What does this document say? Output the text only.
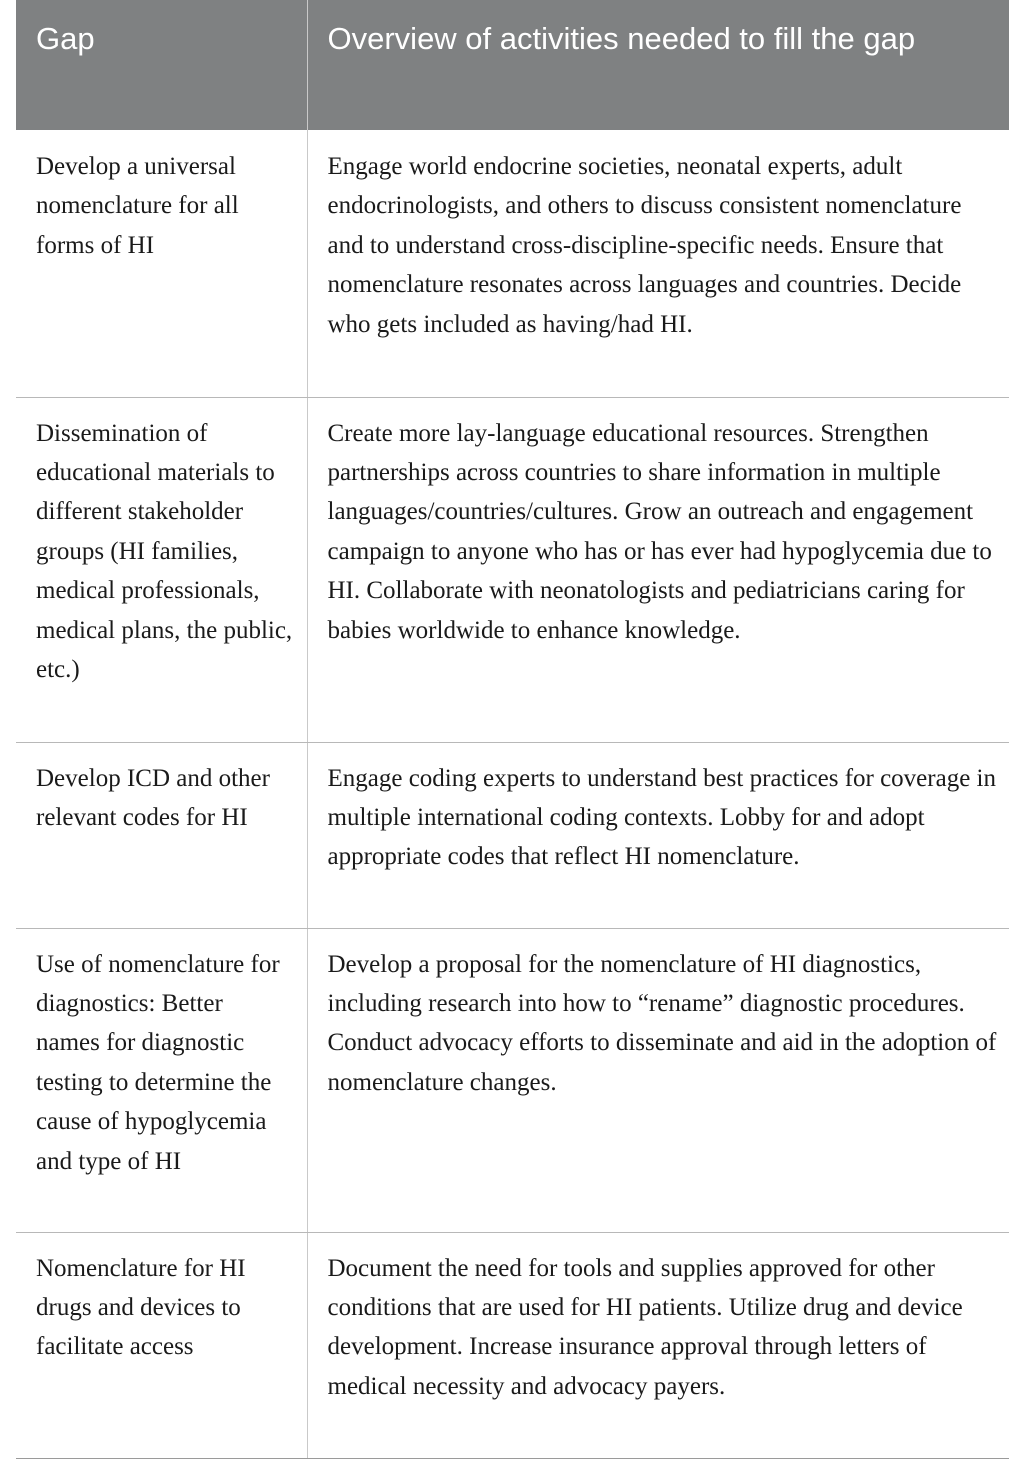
Gap	Overview of activities needed to fill the gap
Develop a universal nomenclature for all forms of HI	Engage world endocrine societies, neonatal experts, adult endocrinologists, and others to discuss consistent nomenclature and to understand cross-discipline-specific needs. Ensure that nomenclature resonates across languages and countries. Decide who gets included as having/had HI.
Dissemination of educational materials to different stakeholder groups (HI families, medical professionals, medical plans, the public, etc.)	Create more lay-language educational resources. Strengthen partnerships across countries to share information in multiple languages/countries/cultures. Grow an outreach and engagement campaign to anyone who has or has ever had hypoglycemia due to HI. Collaborate with neonatologists and pediatricians caring for babies worldwide to enhance knowledge.
Develop ICD and other relevant codes for HI	Engage coding experts to understand best practices for coverage in multiple international coding contexts. Lobby for and adopt appropriate codes that reflect HI nomenclature.
Use of nomenclature for diagnostics: Better names for diagnostic testing to determine the cause of hypoglycemia and type of HI	Develop a proposal for the nomenclature of HI diagnostics, including research into how to “rename” diagnostic procedures. Conduct advocacy efforts to disseminate and aid in the adoption of nomenclature changes.
Nomenclature for HI drugs and devices to facilitate access	Document the need for tools and supplies approved for other conditions that are used for HI patients. Utilize drug and device development. Increase insurance approval through letters of medical necessity and advocacy payers.
